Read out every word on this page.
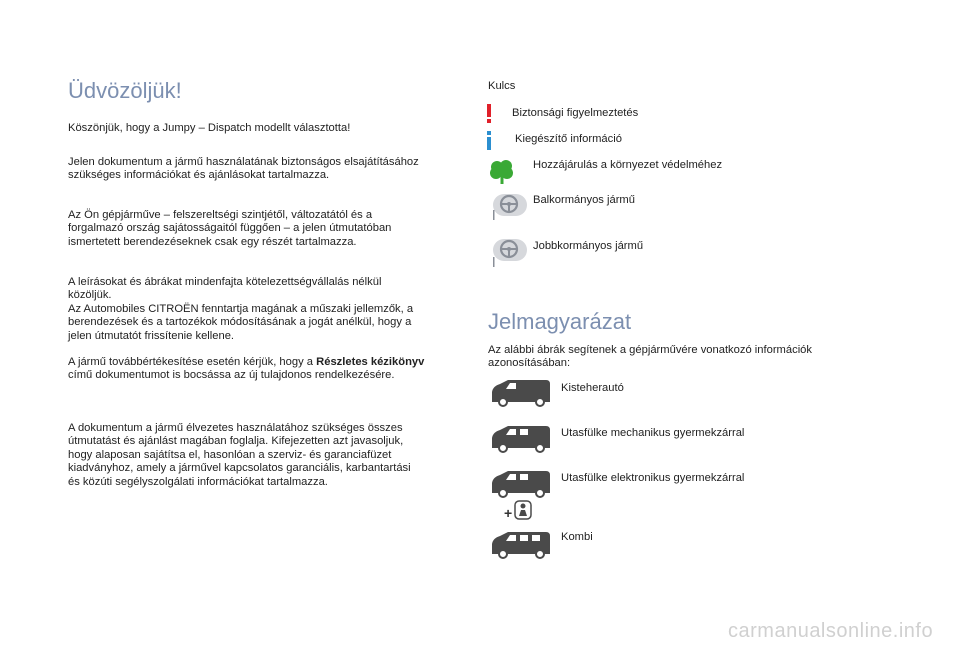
Üdvözöljük!
Köszönjük, hogy a Jumpy – Dispatch modellt választotta!
Jelen dokumentum a jármű használatának biztonságos elsajátításához
szükséges információkat és ajánlásokat tartalmazza.
Az Ön gépjárműve – felszereltségi szintjétől, változatától és a
forgalmazó ország sajátosságaitól függően – a jelen útmutatóban
ismertetett berendezéseknek csak egy részét tartalmazza.
A leírásokat és ábrákat mindenfajta kötelezettségvállalás nélkül
közöljük.
Az Automobiles CITROËN fenntartja magának a műszaki jellemzők, a
berendezések és a tartozékok módosításának a jogát anélkül, hogy a
jelen útmutatót frissítenie kellene.
A jármű továbbértékesítése esetén kérjük, hogy a Részletes kézikönyv
című dokumentumot is bocsássa az új tulajdonos rendelkezésére.
A dokumentum a jármű élvezetes használatához szükséges összes
útmutatást és ajánlást magában foglalja. Kifejezetten azt javasoljuk,
hogy alaposan sajátítsa el, hasonlóan a szerviz- és garanciafüzet
kiadványhoz, amely a járművel kapcsolatos garanciális, karbantartási
és közúti segélyszolgálati információkat tartalmazza.
Kulcs
Biztonsági figyelmeztetés
Kiegészítő információ
Hozzájárulás a környezet védelméhez
Balkormányos jármű
Jobbkormányos jármű
Jelmagyarázat
Az alábbi ábrák segítenek a gépjárművére vonatkozó információk
azonosításában:
Kisteherautó
Utasfülke mechanikus gyermekzárral
+
Utasfülke elektronikus gyermekzárral
Kombi
carmanualsonline.info
